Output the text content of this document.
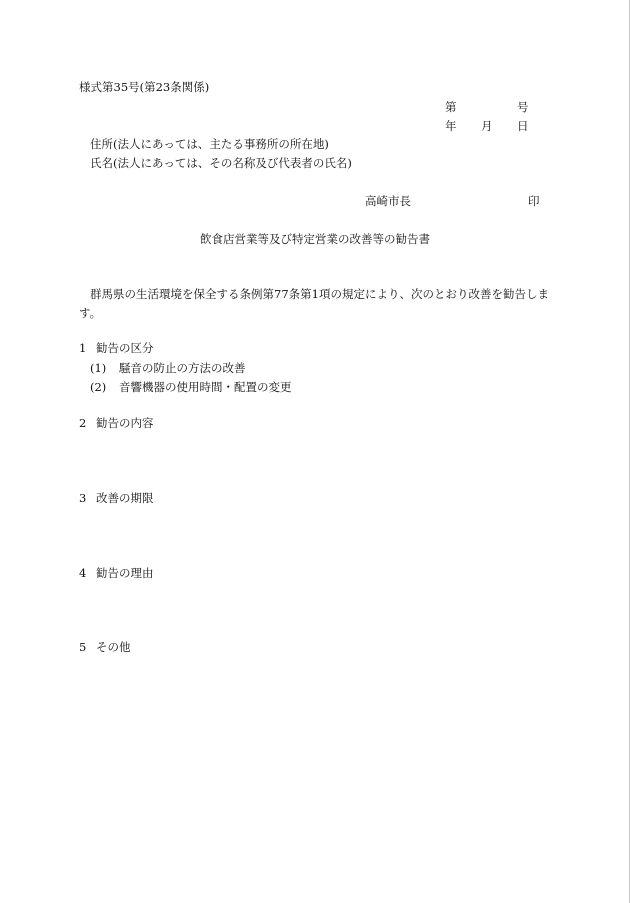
様式第35号(第23条関係)
第	号
年 月 日
住所(法人にあっては、主たる事務所の所在地)
氏名(法人にあっては、その名称及び代表者の氏名)
高崎市長	印
飲食店営業等及び特定営業の改善等の勧告書
群馬県の生活環境を保全する条例第77条第1項の規定により、次のとおり改善を勧告します。
1 勧告の区分
(1) 騒音の防止の方法の改善
(2) 音響機器の使用時間・配置の変更
2 勧告の内容
3 改善の期限
4 勧告の理由
5 その他
